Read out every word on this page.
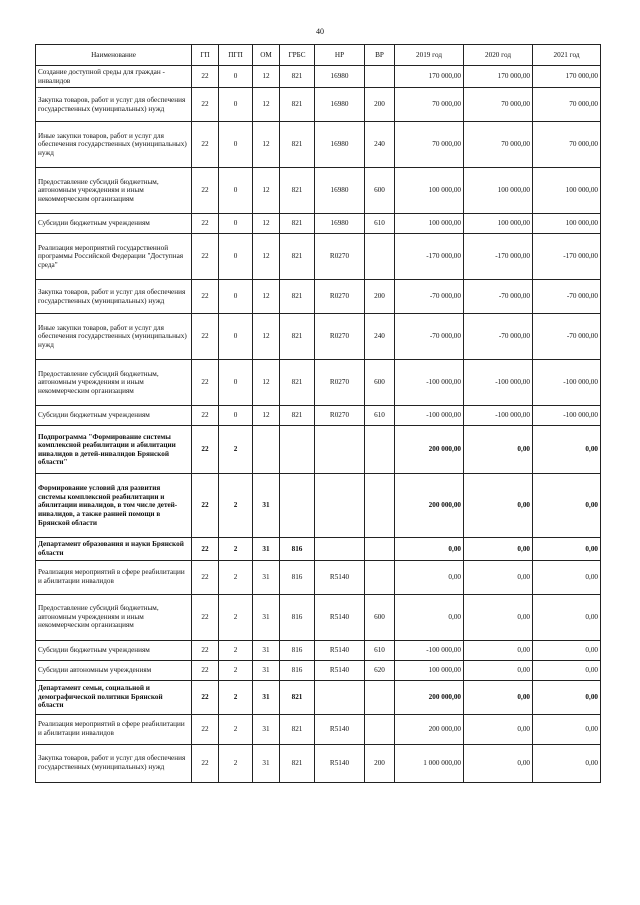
40
Наименование	ГП	ПГП	ОМ	ГРБС	НР	ВР	2019 год	2020 год	2021 год
Создание доступной среды для граждан - инвалидов	22	0	12	821	16980		170 000,00	170 000,00	170 000,00
Закупка товаров, работ и услуг для обеспечения государственных (муниципальных) нужд	22	0	12	821	16980	200	70 000,00	70 000,00	70 000,00
Иные закупки товаров, работ и услуг для обеспечения государственных (муниципальных) нужд	22	0	12	821	16980	240	70 000,00	70 000,00	70 000,00
Предоставление субсидий бюджетным, автономным учреждениям и иным некоммерческим организациям	22	0	12	821	16980	600	100 000,00	100 000,00	100 000,00
Субсидии бюджетным учреждениям	22	0	12	821	16980	610	100 000,00	100 000,00	100 000,00
Реализация мероприятий государственной программы Российской Федерации "Доступная среда"	22	0	12	821	R0270		-170 000,00	-170 000,00	-170 000,00
Закупка товаров, работ и услуг для обеспечения государственных (муниципальных) нужд	22	0	12	821	R0270	200	-70 000,00	-70 000,00	-70 000,00
Иные закупки товаров, работ и услуг для обеспечения государственных (муниципальных) нужд	22	0	12	821	R0270	240	-70 000,00	-70 000,00	-70 000,00
Предоставление субсидий бюджетным, автономным учреждениям и иным некоммерческим организациям	22	0	12	821	R0270	600	-100 000,00	-100 000,00	-100 000,00
Субсидии бюджетным учреждениям	22	0	12	821	R0270	610	-100 000,00	-100 000,00	-100 000,00
Подпрограмма "Формирование системы комплексной реабилитации и абилитации инвалидов в детей-инвалидов Брянской области"	22	2					200 000,00	0,00	0,00
Формирование условий для развития системы комплексной реабилитации и абилитации инвалидов, в том числе детей-инвалидов, а также ранней помощи в Брянской области	22	2	31				200 000,00	0,00	0,00
Департамент образования и науки Брянской области	22	2	31	816			0,00	0,00	0,00
Реализация мероприятий в сфере реабилитации и абилитации инвалидов	22	2	31	816	R5140		0,00	0,00	0,00
Предоставление субсидий бюджетным, автономным учреждениям и иным некоммерческим организациям	22	2	31	816	R5140	600	0,00	0,00	0,00
Субсидии бюджетным учреждениям	22	2	31	816	R5140	610	-100 000,00	0,00	0,00
Субсидии автономным учреждениям	22	2	31	816	R5140	620	100 000,00	0,00	0,00
Департамент семьи, социальной и демографической политики Брянской области	22	2	31	821			200 000,00	0,00	0,00
Реализация мероприятий в сфере реабилитации и абилитации инвалидов	22	2	31	821	R5140		200 000,00	0,00	0,00
Закупка товаров, работ и услуг для обеспечения государственных (муниципальных) нужд	22	2	31	821	R5140	200	1 000 000,00	0,00	0,00
